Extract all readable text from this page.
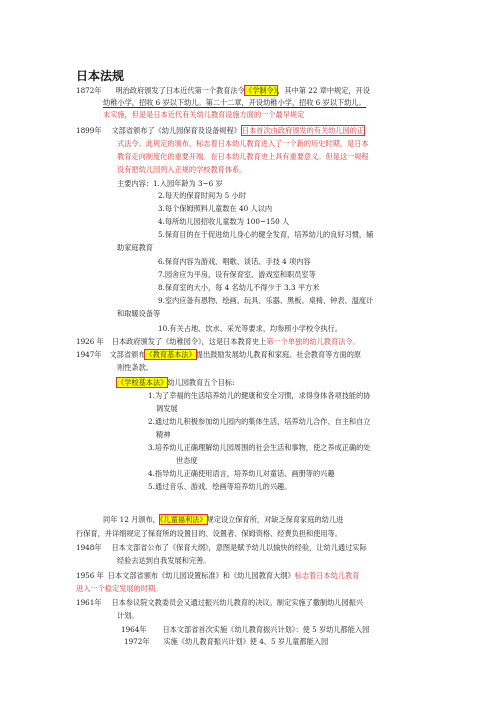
日本法规
1872年 明治政府颁发了日本近代第一个教育法令《学制令》，其中第 22 章中规定，开设
幼稚小学，招收 6 岁以下幼儿。第二十二章，开设幼稚小学，招收 6 岁以下幼儿。
未实施，但是是日本近代有关幼儿教育设施方面的一个最早规定
1899年 文部省颁布了《幼儿园保育及设备规程》日本首次由政府颁发的有关幼儿园的正
式法令。此规定的颁布，标志着日本幼儿教育进入了一个新的历史时期，是日本
教育走向制度化的重要开端。在日本幼儿教育史上具有重要意义。但是这一规程
没有把幼儿园列入正规的学校教育体系。
主要内容：1.入园年龄为 3~6 岁
2.每天的保育时间为 5 小时
3.每个保姆照料儿童数在 40 人以内
4.每所幼儿园招收儿童数为 100~150 人
5.保育目的在于促进幼儿身心的健全发育，培养幼儿的良好习惯，辅
助家庭教育
6.保育内容为游戏、唱歌、谈话、手技 4 项内容
7.园舍应为平房，设有保育室、游戏室和职员室等
8.保育室的大小，每 4 名幼儿不得少于 3.3 平方米
9.室内应备有恩物、绘画、玩具、乐器、黑板、桌椅、钟表、温度计
和取暖设备等
10.有关占地、饮水、采光等要求，均参照小学校令执行。
1926 年 日本政府颁发了《幼稚园令》，这是日本教育史上第一个单独的幼儿教育法令。
1947年 文部省颁布《教育基本法》提出鼓励发展幼儿教育和家庭、社会教育等方面的原
则性条款。
《学校基本法》幼儿园教育五个目标:
1.为了幸福的生活培养幼儿的健康和安全习惯，求得身体各项技能的协
调发展
2.通过幼儿积极参加幼儿园内的集体生活，培养幼儿合作、自主和自立
精神
3.培养幼儿正确理解幼儿园周围的社会生活和事物，使之养成正确的处
世态度
4.指导幼儿正确使用语言，培养幼儿对童话、画册等的兴趣
5.通过音乐、游戏、绘画等培养幼儿的兴趣。
同年 12 月颁布，《儿童福利法》规定设立保育所，对缺乏保育家庭的幼儿进
行保育，并详细规定了保育所的设置目的、设置者、保姆资格、经费负担和使用等。
1948年 日本文部省公布了《保育大纲》，意图是赋予幼儿以愉快的经验，让幼儿通过实际
经验去达到自我发展和完善。
1956 年 日本文部省颁布《幼儿园设置标准》和《幼儿园教育大纲》标志着日本幼儿教育
进入一个稳定发展的时期。
1961年 日本参议院文教委员会又通过振兴幼儿教育的决议。制定实施了撒制幼儿园振兴
计划。
1964年 日本文部省首次实施《幼儿教育振兴计划》：使 5 岁幼儿都能入园
1972年 实施《幼儿教育振兴计划》使 4、5 岁儿童都能入园
